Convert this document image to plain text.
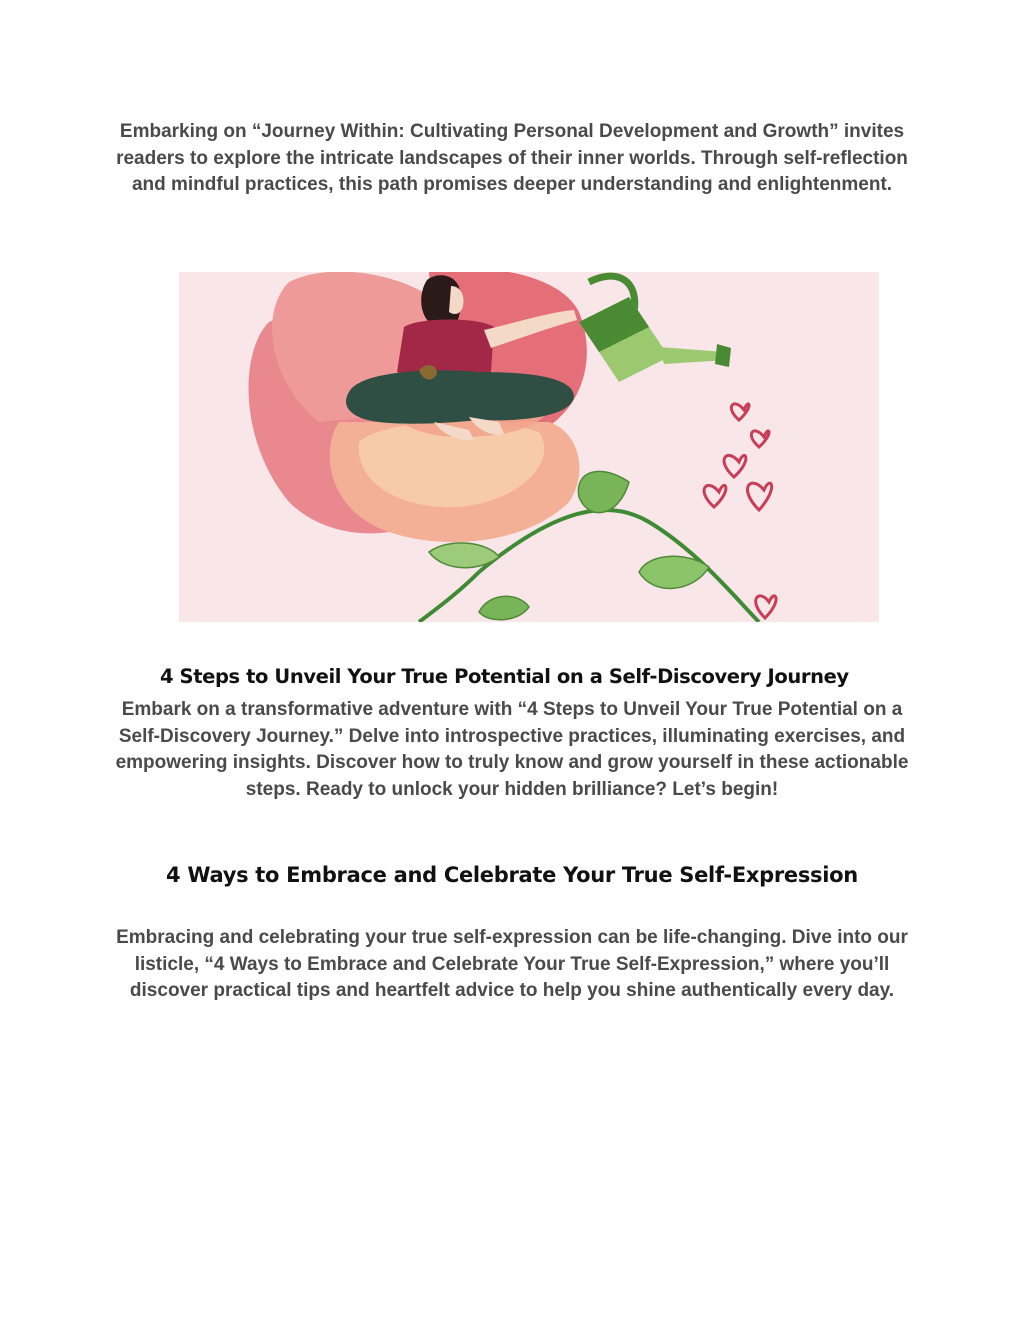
Embarking on “Journey Within: Cultivating Personal Development and Growth” invites readers to explore the intricate landscapes of their inner worlds. Through self-reflection and mindful practices, this path promises deeper understanding and enlightenment.

4 Steps to Unveil Your True Potential on a Self-Discovery Journey

Embark on a transformative adventure with “4 Steps to Unveil Your True Potential on a Self-Discovery Journey.” Delve into introspective practices, illuminating exercises, and empowering insights. Discover how to truly know and grow yourself in these actionable steps. Ready to unlock your hidden brilliance? Let’s begin!

4 Ways to Embrace and Celebrate Your True Self-Expression

Embracing and celebrating your true self-expression can be life-changing. Dive into our listicle, “4 Ways to Embrace and Celebrate Your True Self-Expression,” where you’ll discover practical tips and heartfelt advice to help you shine authentically every day.
